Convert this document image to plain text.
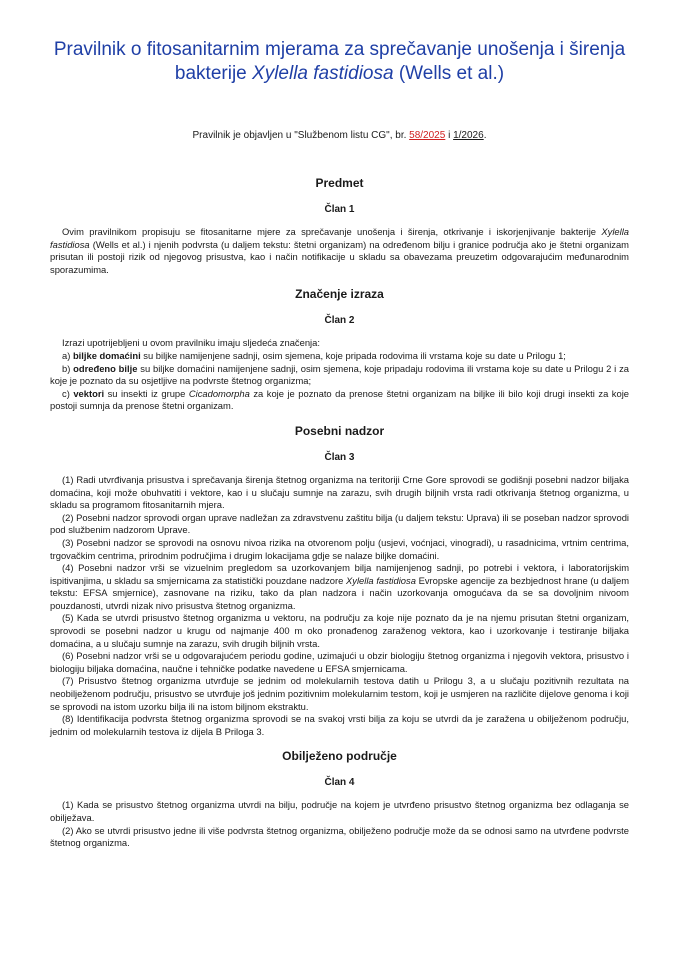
Pravilnik o fitosanitarnim mjerama za sprečavanje unošenja i širenja bakterije Xylella fastidiosa (Wells et al.)
Pravilnik je objavljen u "Službenom listu CG", br. 58/2025 i 1/2026.
Predmet
Član 1

Ovim pravilnikom propisuju se fitosanitarne mjere za sprečavanje unošenja i širenja, otkrivanje i iskorjenjivanje bakterije Xylella fastidiosa (Wells et al.) i njenih podvrsta (u daljem tekstu: štetni organizam) na određenom bilju i granice područja ako je štetni organizam prisutan ili postoji rizik od njegovog prisustva, kao i način notifikacije u skladu sa obavezama preuzetim odgovarajućim međunarodnim sporazumima.

Značenje izraza
Član 2

Izrazi upotrijebljeni u ovom pravilniku imaju sljedeća značenja:

a) biljke domaćini su biljke namijenjene sadnji, osim sjemena, koje pripada rodovima ili vrstama koje su date u Prilogu 1;

b) određeno bilje su biljke domaćini namijenjene sadnji, osim sjemena, koje pripadaju rodovima ili vrstama koje su date u Prilogu 2 i za koje je poznato da su osjetljive na podvrste štetnog organizma;

c) vektori su insekti iz grupe Cicadomorpha za koje je poznato da prenose štetni organizam na biljke ili bilo koji drugi insekti za koje postoji sumnja da prenose štetni organizam.

Posebni nadzor
Član 3

(1) Radi utvrđivanja prisustva i sprečavanja širenja štetnog organizma na teritoriji Crne Gore sprovodi se godišnji posebni nadzor biljaka domaćina, koji može obuhvatiti i vektore, kao i u slučaju sumnje na zarazu, svih drugih biljnih vrsta radi otkrivanja štetnog organizma, u skladu sa programom fitosanitarnih mjera.

(2) Posebni nadzor sprovodi organ uprave nadležan za zdravstvenu zaštitu bilja (u daljem tekstu: Uprava) ili se poseban nadzor sprovodi pod službenim nadzorom Uprave.

(3) Posebni nadzor se sprovodi na osnovu nivoa rizika na otvorenom polju (usjevi, voćnjaci, vinogradi), u rasadnicima, vrtnim centrima, trgovačkim centrima, prirodnim područjima i drugim lokacijama gdje se nalaze biljke domaćini.

(4) Posebni nadzor vrši se vizuelnim pregledom sa uzorkovanjem bilja namijenjenog sadnji, po potrebi i vektora, i laboratorijskim ispitivanjima, u skladu sa smjernicama za statistički pouzdane nadzore Xylella fastidiosa Evropske agencije za bezbjednost hrane (u daljem tekstu: EFSA smjernice), zasnovane na riziku, tako da plan nadzora i način uzorkovanja omogućava da se sa dovoljnim nivoom pouzdanosti, utvrdi nizak nivo prisustva štetnog organizma.

(5) Kada se utvrdi prisustvo štetnog organizma u vektoru, na području za koje nije poznato da je na njemu prisutan štetni organizam, sprovodi se posebni nadzor u krugu od najmanje 400 m oko pronađenog zaraženog vektora, kao i uzorkovanje i testiranje biljaka domaćina, a u slučaju sumnje na zarazu, svih drugih biljnih vrsta.

(6) Posebni nadzor vrši se u odgovarajućem periodu godine, uzimajući u obzir biologiju štetnog organizma i njegovih vektora, prisustvo i biologiju biljaka domaćina, naučne i tehničke podatke navedene u EFSA smjernicama.

(7) Prisustvo štetnog organizma utvrđuje se jednim od molekularnih testova datih u Prilogu 3, a u slučaju pozitivnih rezultata na neobilježenom području, prisustvo se utvrđuje još jednim pozitivnim molekularnim testom, koji je usmjeren na različite dijelove genoma i koji se sprovodi na istom uzorku bilja ili na istom biljnom ekstraktu.

(8) Identifikacija podvrsta štetnog organizma sprovodi se na svakoj vrsti bilja za koju se utvrdi da je zaražena u obilježenom području, jednim od molekularnih testova iz dijela B Priloga 3.

Obilježeno područje
Član 4

(1) Kada se prisustvo štetnog organizma utvrdi na bilju, područje na kojem je utvrđeno prisustvo štetnog organizma bez odlaganja se obilježava.

(2) Ako se utvrdi prisustvo jedne ili više podvrsta štetnog organizma, obilježeno područje može da se odnosi samo na utvrđene podvrste štetnog organizma.
